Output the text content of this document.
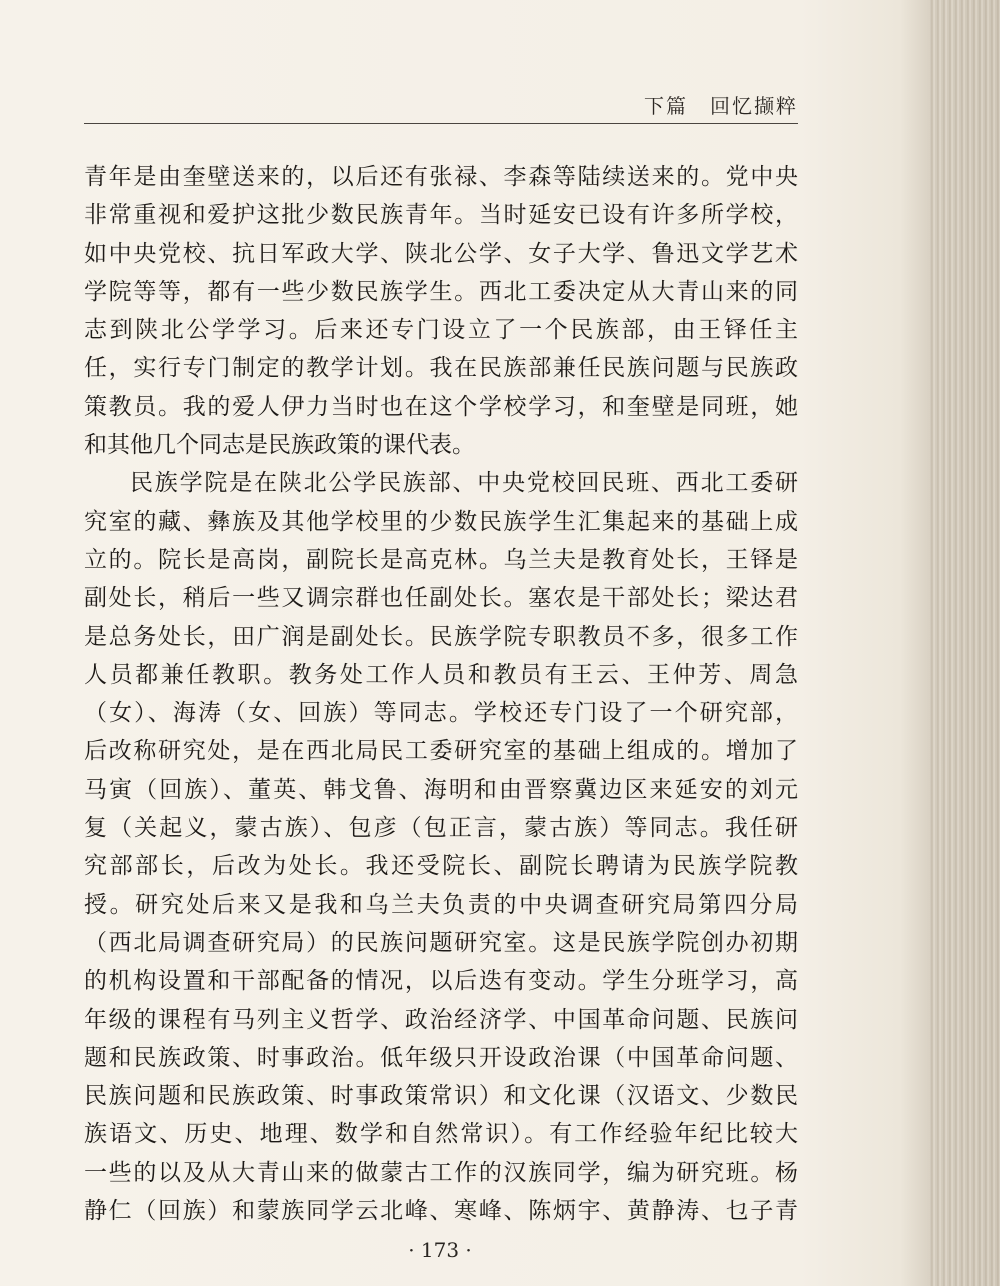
下篇　回忆撷粹
青年是由奎壁送来的，以后还有张禄、李森等陆续送来的。党中央
非常重视和爱护这批少数民族青年。当时延安已设有许多所学校，
如中央党校、抗日军政大学、陕北公学、女子大学、鲁迅文学艺术
学院等等，都有一些少数民族学生。西北工委决定从大青山来的同
志到陕北公学学习。后来还专门设立了一个民族部，由王铎任主
任，实行专门制定的教学计划。我在民族部兼任民族问题与民族政
策教员。我的爱人伊力当时也在这个学校学习，和奎壁是同班，她
和其他几个同志是民族政策的课代表。
民族学院是在陕北公学民族部、中央党校回民班、西北工委研
究室的藏、彝族及其他学校里的少数民族学生汇集起来的基础上成
立的。院长是高岗，副院长是高克林。乌兰夫是教育处长，王铎是
副处长，稍后一些又调宗群也任副处长。塞农是干部处长；梁达君
是总务处长，田广润是副处长。民族学院专职教员不多，很多工作
人员都兼任教职。教务处工作人员和教员有王云、王仲芳、周急
（女）、海涛（女、回族）等同志。学校还专门设了一个研究部，
后改称研究处，是在西北局民工委研究室的基础上组成的。增加了
马寅（回族）、董英、韩戈鲁、海明和由晋察冀边区来延安的刘元
复（关起义，蒙古族）、包彦（包正言，蒙古族）等同志。我任研
究部部长，后改为处长。我还受院长、副院长聘请为民族学院教
授。研究处后来又是我和乌兰夫负责的中央调查研究局第四分局
（西北局调查研究局）的民族问题研究室。这是民族学院创办初期
的机构设置和干部配备的情况，以后迭有变动。学生分班学习，高
年级的课程有马列主义哲学、政治经济学、中国革命问题、民族问
题和民族政策、时事政治。低年级只开设政治课（中国革命问题、
民族问题和民族政策、时事政策常识）和文化课（汉语文、少数民
族语文、历史、地理、数学和自然常识）。有工作经验年纪比较大
一些的以及从大青山来的做蒙古工作的汉族同学，编为研究班。杨
静仁（回族）和蒙族同学云北峰、寒峰、陈炳宇、黄静涛、乜子青
· 173 ·
